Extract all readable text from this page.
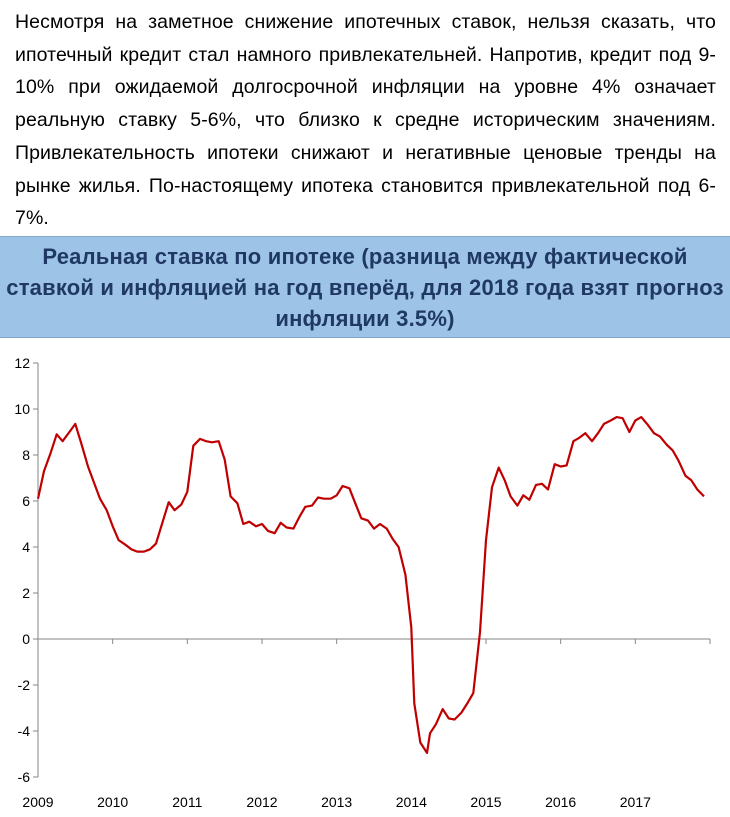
Несмотря на заметное снижение ипотечных ставок, нельзя сказать, что ипотечный кредит стал намного привлекательней. Напротив, кредит под 9-10% при ожидаемой долгосрочной инфляции на уровне 4% означает реальную ставку 5-6%, что близко к средне историческим значениям. Привлекательность ипотеки снижают и негативные ценовые тренды на рынке жилья. По-настоящему ипотека становится привлекательной под 6-7%.
Реальная ставка по ипотеке (разница между фактической ставкой и инфляцией на год вперёд, для 2018 года взят прогноз инфляции 3.5%)
-6
-4
-2
0
2
4
6
8
10
12
2009	2010	2011	2012	2013	2014	2015	2016	2017
